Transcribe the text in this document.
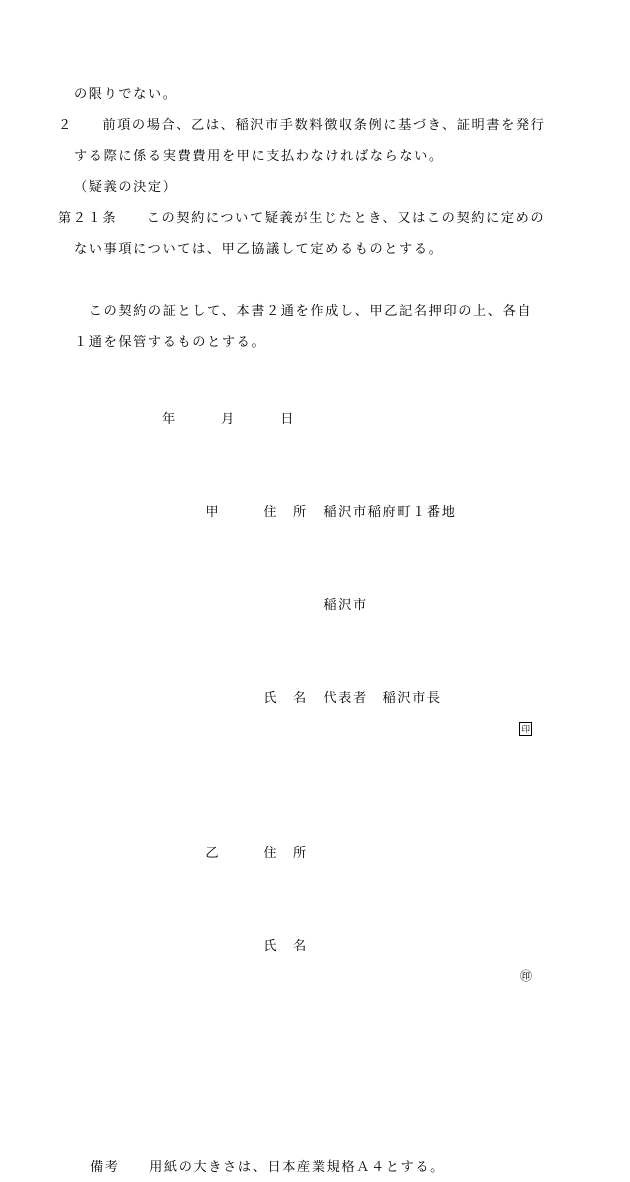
の限りでない。
２　　前項の場合、乙は、稲沢市手数料徴収条例に基づき、証明書を発行
する際に係る実費費用を甲に支払わなければならない。
（疑義の決定）
第２１条　　この契約について疑義が生じたとき、又はこの契約に定めの
ない事項については、甲乙協議して定めるものとする。
　この契約の証として、本書２通を作成し、甲乙記名押印の上、各自
１通を保管するものとする。
年　　　月　　　日

甲	住　所 稲沢市稲府町１番地

稲沢市

氏　名 代表者　稲沢市長

印

乙	住　所

氏　名

㊞

備考　　用紙の大きさは、日本産業規格Ａ４とする。
